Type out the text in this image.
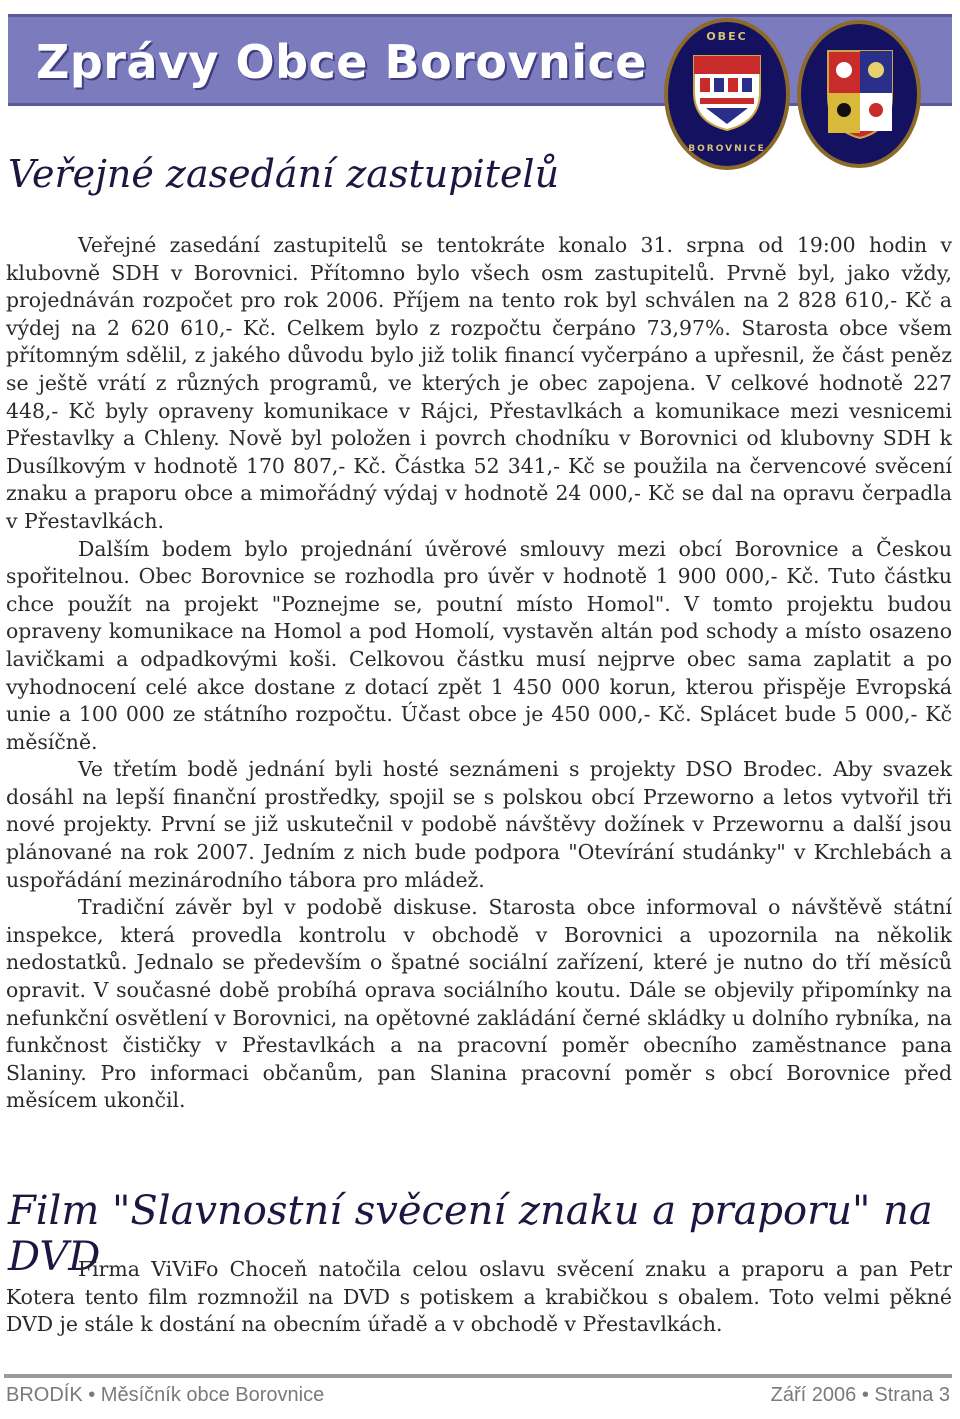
Zprávy Obce Borovnice	OBEC
BOROVNICE
Veřejné zasedání zastupitelů

Veřejné zasedání zastupitelů se tentokráte konalo 31. srpna od 19:00 hodin v klubovně SDH v Borovnici. Přítomno bylo všech osm zastupitelů. Prvně byl, jako vždy, projednáván rozpočet pro rok 2006. Příjem na tento rok byl schválen na 2 828 610,- Kč a výdej na 2 620 610,- Kč. Celkem bylo z rozpočtu čerpáno 73,97%. Starosta obce všem přítomným sdělil, z jakého důvodu bylo již tolik financí vyčerpáno a upřesnil, že část peněz se ještě vrátí z různých programů, ve kterých je obec zapojena. V celkové hodnotě 227 448,- Kč byly opraveny komunikace v Rájci, Přestavlkách a komunikace mezi vesnicemi Přestavlky a Chleny. Nově byl položen i povrch chodníku v Borovnici od klubovny SDH k Dusílkovým v hodnotě 170 807,- Kč. Částka 52 341,- Kč se použila na červencové svěcení znaku a praporu obce a mimořádný výdaj v hodnotě 24 000,- Kč se dal na opravu čerpadla v Přestavlkách.

Dalším bodem bylo projednání úvěrové smlouvy mezi obcí Borovnice a Českou spořitelnou. Obec Borovnice se rozhodla pro úvěr v hodnotě 1 900 000,- Kč. Tuto částku chce použít na projekt "Poznejme se, poutní místo Homol". V tomto projektu budou opraveny komunikace na Homol a pod Homolí, vystavěn altán pod schody a místo osazeno lavičkami a odpadkovými koši. Celkovou částku musí nejprve obec sama zaplatit a po vyhodnocení celé akce dostane z dotací zpět 1 450 000 korun, kterou přispěje Evropská unie a 100 000 ze státního rozpočtu. Účast obce je 450 000,- Kč. Splácet bude 5 000,- Kč měsíčně.

Ve třetím bodě jednání byli hosté seznámeni s projekty DSO Brodec. Aby svazek dosáhl na lepší finanční prostředky, spojil se s polskou obcí Przeworno a letos vytvořil tři nové projekty. První se již uskutečnil v podobě návštěvy dožínek v Przewornu a další jsou plánované na rok 2007. Jedním z nich bude podpora "Otevírání studánky" v Krchlebách a uspořádání mezinárodního tábora pro mládež.

Tradiční závěr byl v podobě diskuse. Starosta obce informoval o návštěvě státní inspekce, která provedla kontrolu v obchodě v Borovnici a upozornila na několik nedostatků. Jednalo se především o špatné sociální zařízení, které je nutno do tří měsíců opravit. V současné době probíhá oprava sociálního koutu. Dále se objevily připomínky na nefunkční osvětlení v Borovnici, na opětovné zakládání černé skládky u dolního rybníka, na funkčnost čističky v Přestavlkách a na pracovní poměr obecního zaměstnance pana Slaniny. Pro informaci občanům, pan Slanina pracovní poměr s obcí Borovnice před měsícem ukončil.

Film "Slavnostní svěcení znaku a praporu" na DVD

Firma ViViFo Choceň natočila celou oslavu svěcení znaku a praporu a pan Petr Kotera tento film rozmnožil na DVD s potiskem a krabičkou s obalem. Toto velmi pěkné DVD je stále k dostání na obecním úřadě a v obchodě v Přestavlkách.

BRODÍK • Měsíčník obce Borovnice	Září 2006 • Strana 3
